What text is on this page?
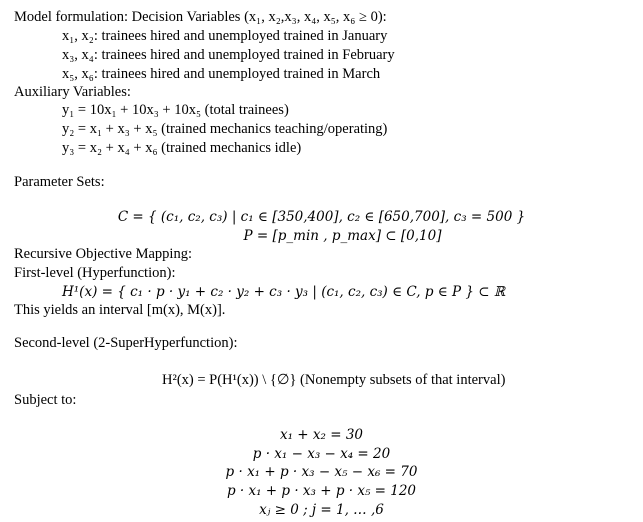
Model formulation: Decision Variables (x₁, x₂,x₃, x₄, x₅, x₆ ≥ 0):
x₁, x₂: trainees hired and unemployed trained in January
x₃, x₄: trainees hired and unemployed trained in February
x₅, x₆: trainees hired and unemployed trained in March
Auxiliary Variables:
y₁ = 10x₁ + 10x₃ + 10x₅ (total trainees)
y₂ = x₁ + x₃ + x₅ (trained mechanics teaching/operating)
y₃ = x₂ + x₄ + x₆ (trained mechanics idle)
Parameter Sets:
C = { (c₁, c₂, c₃) | c₁ ∈ [350,400], c₂ ∈ [650,700], c₃ = 500 }
P = [p_min , p_max] ⊂ [0,10]
Recursive Objective Mapping:
First-level (Hyperfunction):
H¹(x) = { c₁ · p · y₁ + c₂ · y₂ + c₃ · y₃ | (c₁, c₂, c₃) ∈ C, p ∈ P } ⊂ ℝ
This yields an interval [m(x), M(x)].
Second-level (2-SuperHyperfunction):
H²(x) = P(H¹(x)) \ {∅} (Nonempty subsets of that interval)
Subject to:
x₁ + x₂ = 30
p · x₁ − x₃ − x₄ = 20
p · x₁ + p · x₃ − x₅ − x₆ = 70
p · x₁ + p · x₃ + p · x₅ = 120
xⱼ ≥ 0 ; j = 1, … ,6
